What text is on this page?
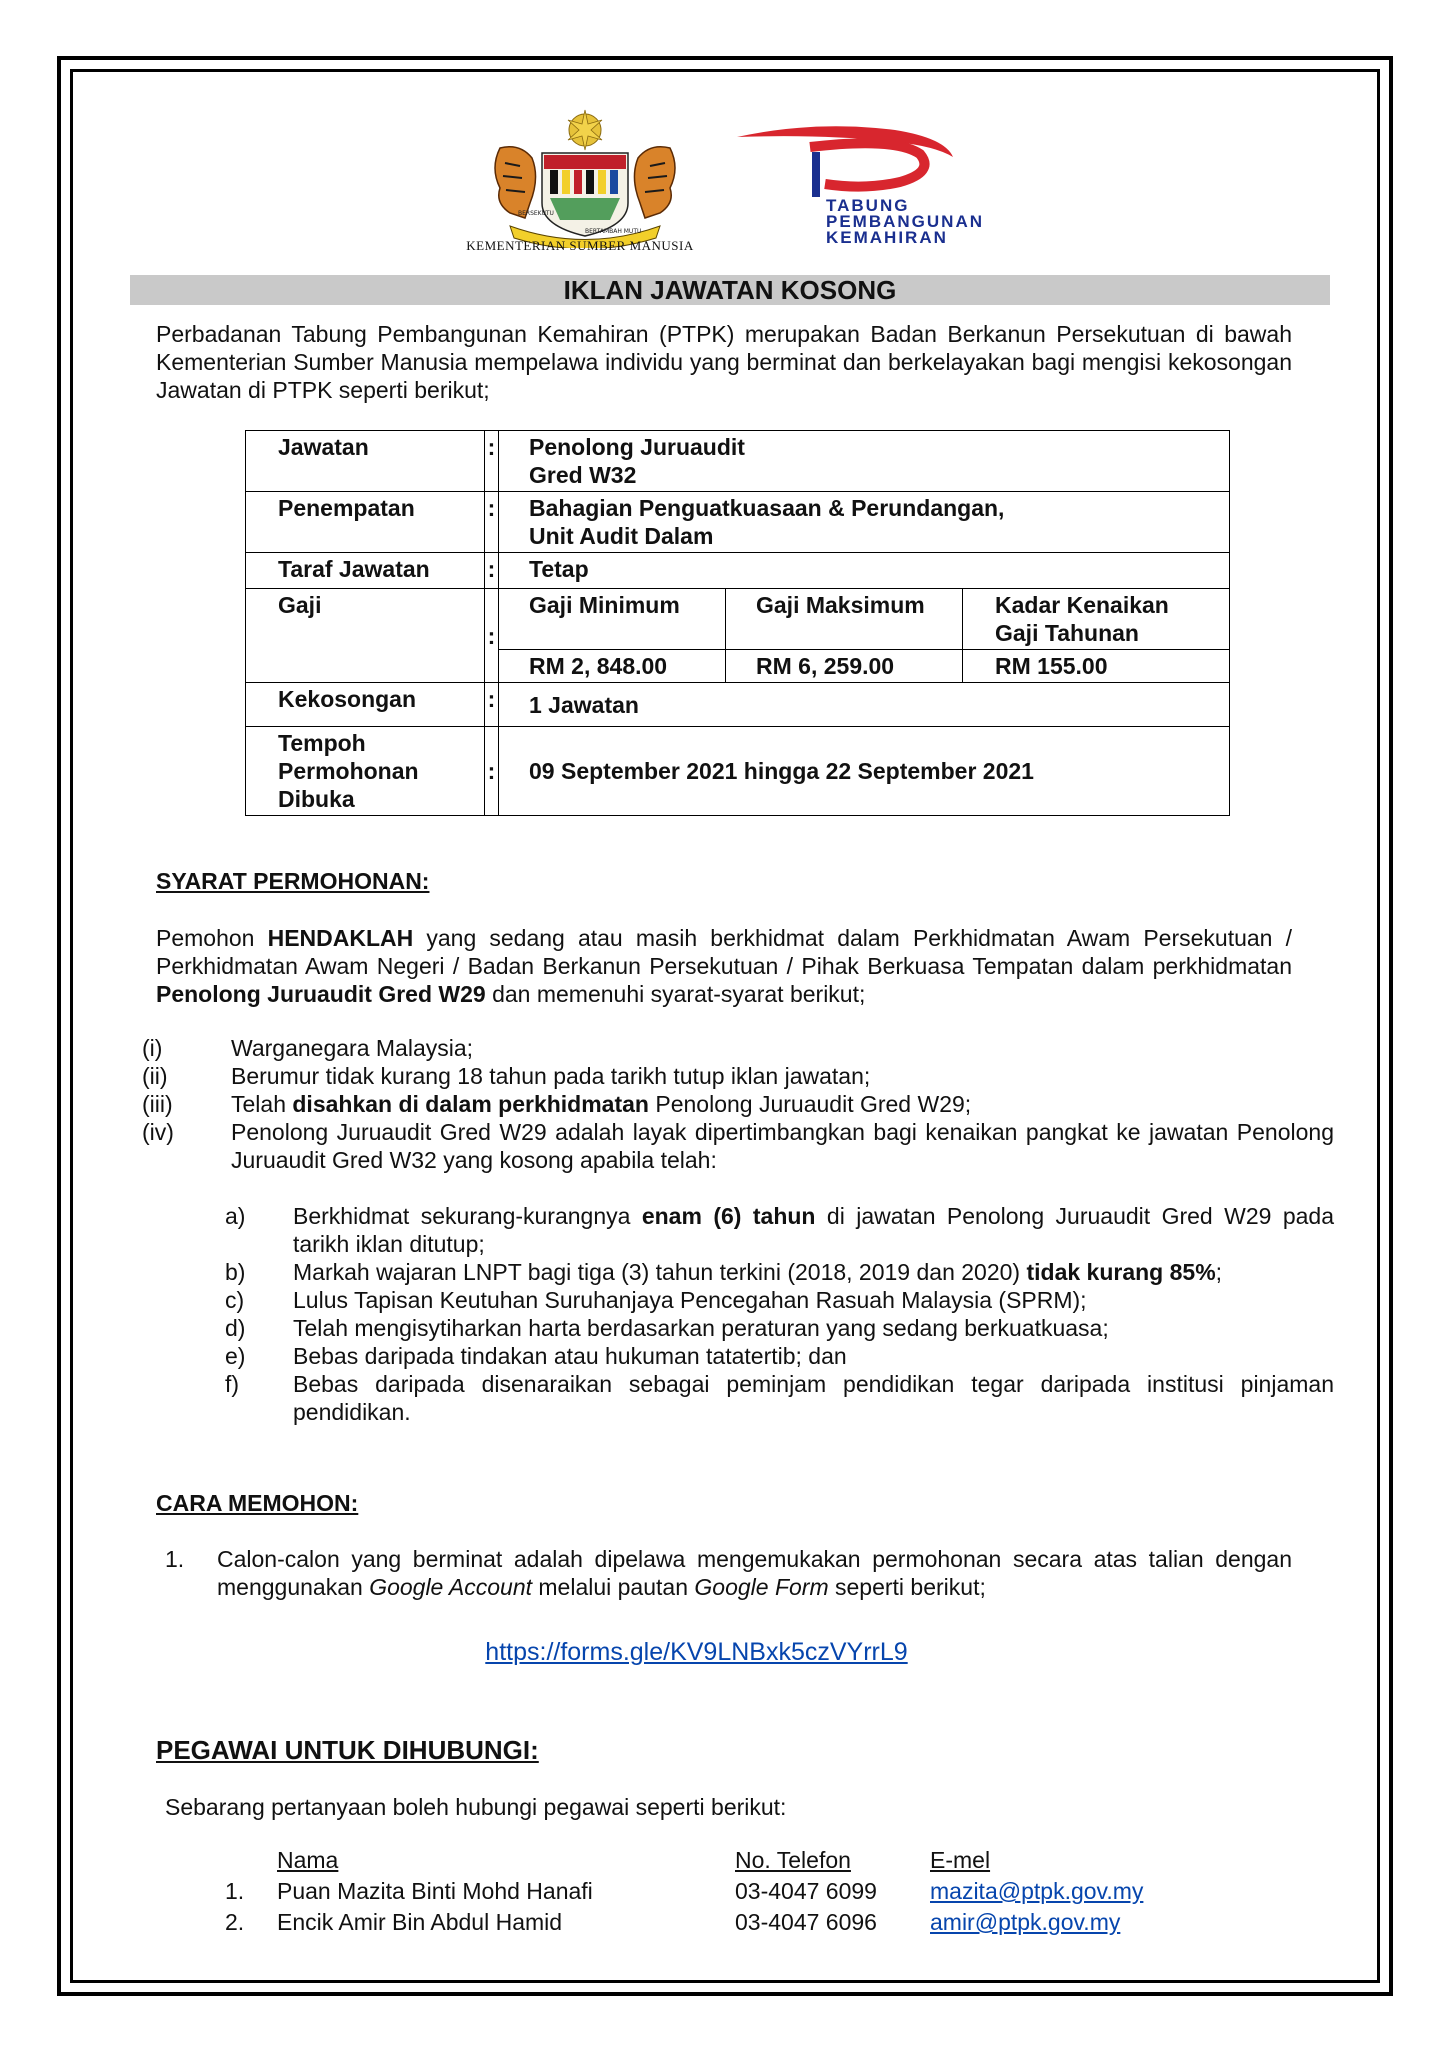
BERSEKUTU
BERTAMBAH MUTU
KEMENTERIAN SUMBER MANUSIA
TABUNG
PEMBANGUNAN
KEMAHIRAN
IKLAN JAWATAN KOSONG
Perbadanan Tabung Pembangunan Kemahiran (PTPK) merupakan Badan Berkanun Persekutuan di bawah Kementerian Sumber Manusia mempelawa individu yang berminat dan berkelayakan bagi mengisi kekosongan Jawatan di PTPK seperti berikut;
Jawatan	:	Penolong Juruaudit
Gred W32		

Penempatan	:	Bahagian Penguatkuasaan & Perundangan,
Unit Audit Dalam		

Taraf Jawatan	:	Tetap		
Gaji	:	Gaji Minimum	Gaji Maksimum	Kadar Kenaikan
Gaji Tahunan

		RM 2, 848.00	RM 6, 259.00	RM 155.00
Kekosongan	:	1 Jawatan		

Tempoh
Permohonan
Dibuka	:	09 September 2021 hingga 22 September 2021		
SYARAT PERMOHONAN:
Pemohon HENDAKLAH yang sedang atau masih berkhidmat dalam Perkhidmatan Awam Persekutuan / Perkhidmatan Awam Negeri / Badan Berkanun Persekutuan / Pihak Berkuasa Tempatan dalam perkhidmatan Penolong Juruaudit Gred W29 dan memenuhi syarat-syarat berikut;
(i)	Warganegara Malaysia;
(ii)	Berumur tidak kurang 18 tahun pada tarikh tutup iklan jawatan;
(iii)	Telah disahkan di dalam perkhidmatan Penolong Juruaudit Gred W29;
(iv) Penolong Juruaudit Gred W29 adalah layak dipertimbangkan bagi kenaikan pangkat ke jawatan Penolong Juruaudit Gred W32 yang kosong apabila telah:
a) Berkhidmat sekurang-kurangnya enam (6) tahun di jawatan Penolong Juruaudit Gred W29 pada tarikh iklan ditutup;
b) Markah wajaran LNPT bagi tiga (3) tahun terkini (2018, 2019 dan 2020) tidak kurang 85%;
c) Lulus Tapisan Keutuhan Suruhanjaya Pencegahan Rasuah Malaysia (SPRM);
d) Telah mengisytiharkan harta berdasarkan peraturan yang sedang berkuatkuasa;
e) Bebas daripada tindakan atau hukuman tatatertib; dan
f) Bebas daripada disenaraikan sebagai peminjam pendidikan tegar daripada institusi pinjaman pendidikan.
CARA MEMOHON:
1. Calon-calon yang berminat adalah dipelawa mengemukakan permohonan secara atas talian dengan menggunakan Google Account melalui pautan Google Form seperti berikut;
https://forms.gle/KV9LNBxk5czVYrrL9
PEGAWAI UNTUK DIHUBUNGI:
Sebarang pertanyaan boleh hubungi pegawai seperti berikut:
Nama	No. Telefon	E-mel
1. Puan Mazita Binti Mohd Hanafi	03-4047 6099 mazita@ptpk.gov.my
2. Encik Amir Bin Abdul Hamid	03-4047 6096 amir@ptpk.gov.my
